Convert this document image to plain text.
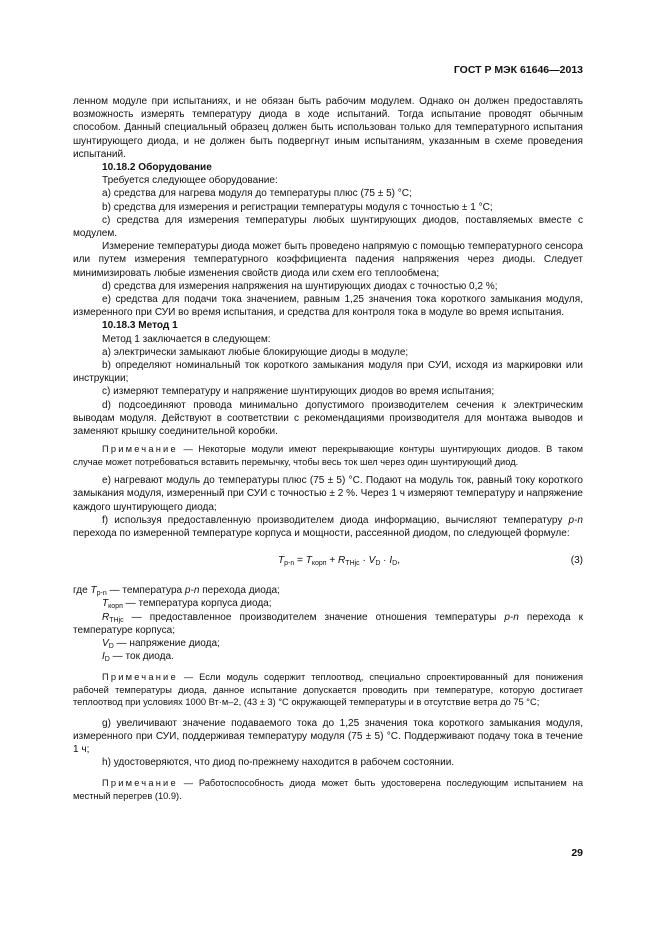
ГОСТ Р МЭК 61646—2013

ленном модуле при испытаниях, и не обязан быть рабочим модулем. Однако он должен предоставлять возможность измерять температуру диода в ходе испытаний. Тогда испытание проводят обычным способом. Данный специальный образец должен быть использован только для температурного испытания шунтирующего диода, и не должен быть подвергнут иным испытаниям, указанным в схеме проведения испытаний.

10.18.2 Оборудование

Требуется следующее оборудование:

a) средства для нагрева модуля до температуры плюс (75 ± 5) °С;

b) средства для измерения и регистрации температуры модуля с точностью ± 1 °С;

c) средства для измерения температуры любых шунтирующих диодов, поставляемых вместе с модулем.

Измерение температуры диода может быть проведено напрямую с помощью температурного сенсора или путем измерения температурного коэффициента падения напряжения через диоды. Следует минимизировать любые изменения свойств диода или схем его теплообмена;

d) средства для измерения напряжения на шунтирующих диодах с точностью 0,2 %;

e) средства для подачи тока значением, равным 1,25 значения тока короткого замыкания модуля, измеренного при СУИ во время испытания, и средства для контроля тока в модуле во время испытания.

10.18.3 Метод 1

Метод 1 заключается в следующем:

a) электрически замыкают любые блокирующие диоды в модуле;

b) определяют номинальный ток короткого замыкания модуля при СУИ, исходя из маркировки или инструкции;

c) измеряют температуру и напряжение шунтирующих диодов во время испытания;

d) подсоединяют провода минимально допустимого производителем сечения к электрическим выводам модуля. Действуют в соответствии с рекомендациями производителя для монтажа выводов и заменяют крышку соединительной коробки.

Примечание — Некоторые модули имеют перекрывающие контуры шунтирующих диодов. В таком случае может потребоваться вставить перемычку, чтобы весь ток шел через один шунтирующий диод.

e) нагревают модуль до температуры плюс (75 ± 5) °С. Подают на модуль ток, равный току короткого замыкания модуля, измеренный при СУИ с точностью ± 2 %. Через 1 ч измеряют температуру и напряжение каждого шунтирующего диода;

f) используя предоставленную производителем диода информацию, вычисляют температуру p-n перехода по измеренной температуре корпуса и мощности, рассеянной диодом, по следующей формуле:

$T_{p-n} = T_{корп} + R_{THjc} \cdot V_D \cdot I_D$,	(3)

где $T_{p-n}$ — температура p-n перехода диода;

$T_{корп}$ — температура корпуса диода;

$R_{THjc}$ — предоставленное производителем значение отношения температуры p-n перехода к температуре корпуса;

$V_D$ — напряжение диода;

$I_D$ — ток диода.

Примечание — Если модуль содержит теплоотвод, специально спроектированный для понижения рабочей температуры диода, данное испытание допускается проводить при температуре, которую достигает теплоотвод при условиях 1000 Вт·м–2, (43 ± 3) °С окружающей температуры и в отсутствие ветра до 75 °С;

g) увеличивают значение подаваемого тока до 1,25 значения тока короткого замыкания модуля, измеренного при СУИ, поддерживая температуру модуля (75 ± 5) °С. Поддерживают подачу тока в течение 1 ч;

h) удостоверяются, что диод по-прежнему находится в рабочем состоянии.

Примечание — Работоспособность диода может быть удостоверена последующим испытанием на местный перегрев (10.9).

29
